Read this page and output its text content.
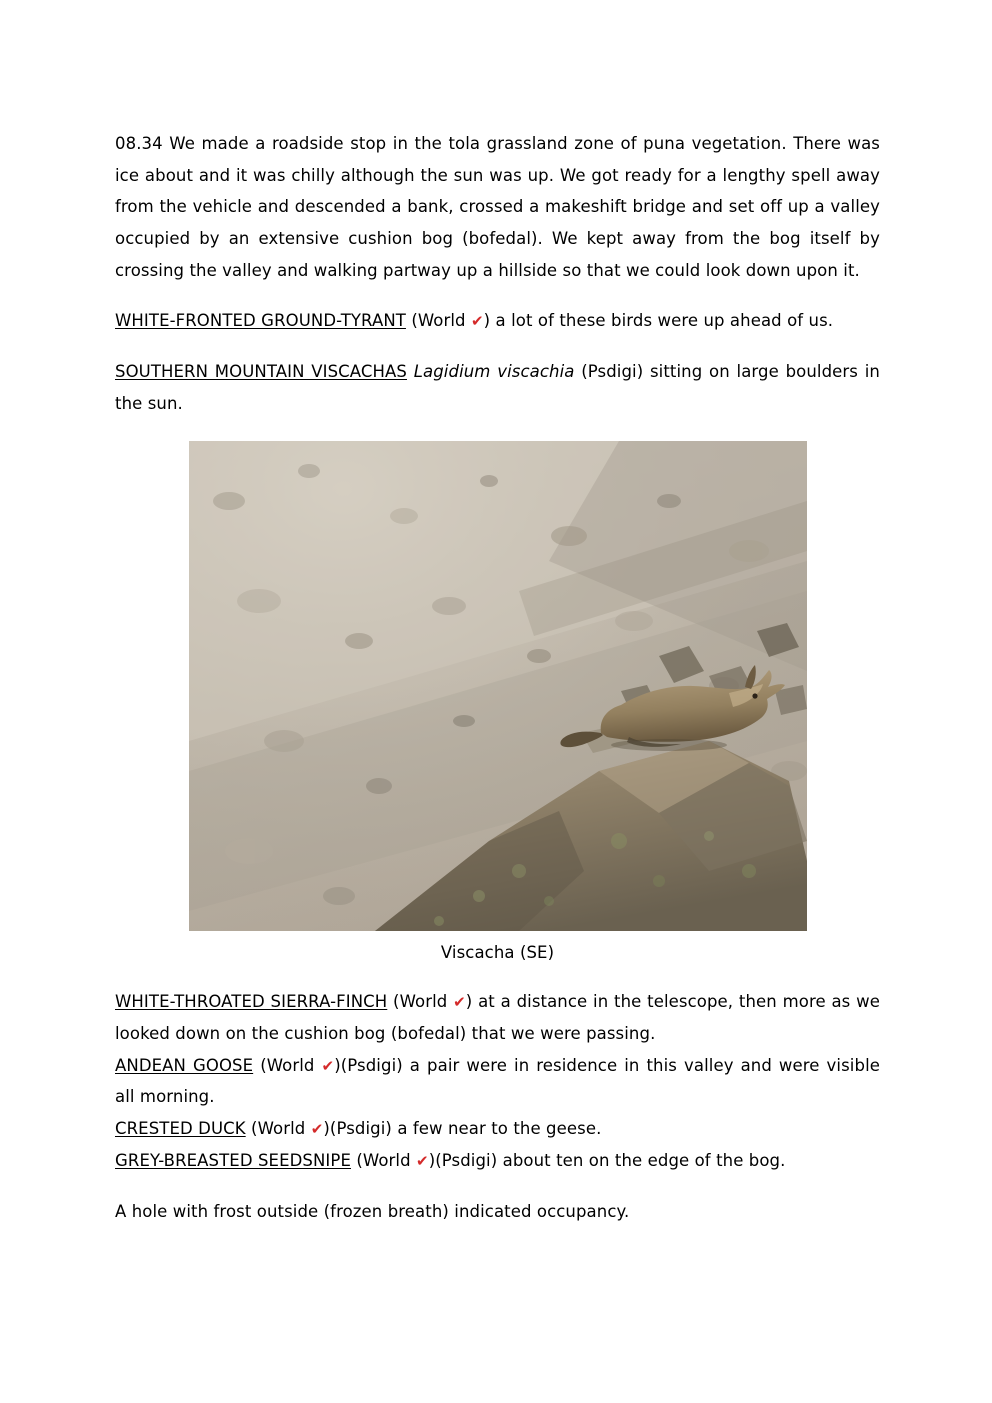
08.34 We made a roadside stop in the tola grassland zone of puna vegetation. There was ice about and it was chilly although the sun was up. We got ready for a lengthy spell away from the vehicle and descended a bank, crossed a makeshift bridge and set off up a valley occupied by an extensive cushion bog (bofedal). We kept away from the bog itself by crossing the valley and walking partway up a hillside so that we could look down upon it.

WHITE-FRONTED GROUND-TYRANT (World ✔) a lot of these birds were up ahead of us.

SOUTHERN MOUNTAIN VISCACHAS Lagidium viscachia (Psdigi) sitting on large boulders in the sun.

Viscacha (SE)

WHITE-THROATED SIERRA-FINCH (World ✔) at a distance in the telescope, then more as we looked down on the cushion bog (bofedal) that we were passing.

ANDEAN GOOSE (World ✔)(Psdigi) a pair were in residence in this valley and were visible all morning.

CRESTED DUCK (World ✔)(Psdigi) a few near to the geese.

GREY-BREASTED SEEDSNIPE (World ✔)(Psdigi) about ten on the edge of the bog.

A hole with frost outside (frozen breath) indicated occupancy.
